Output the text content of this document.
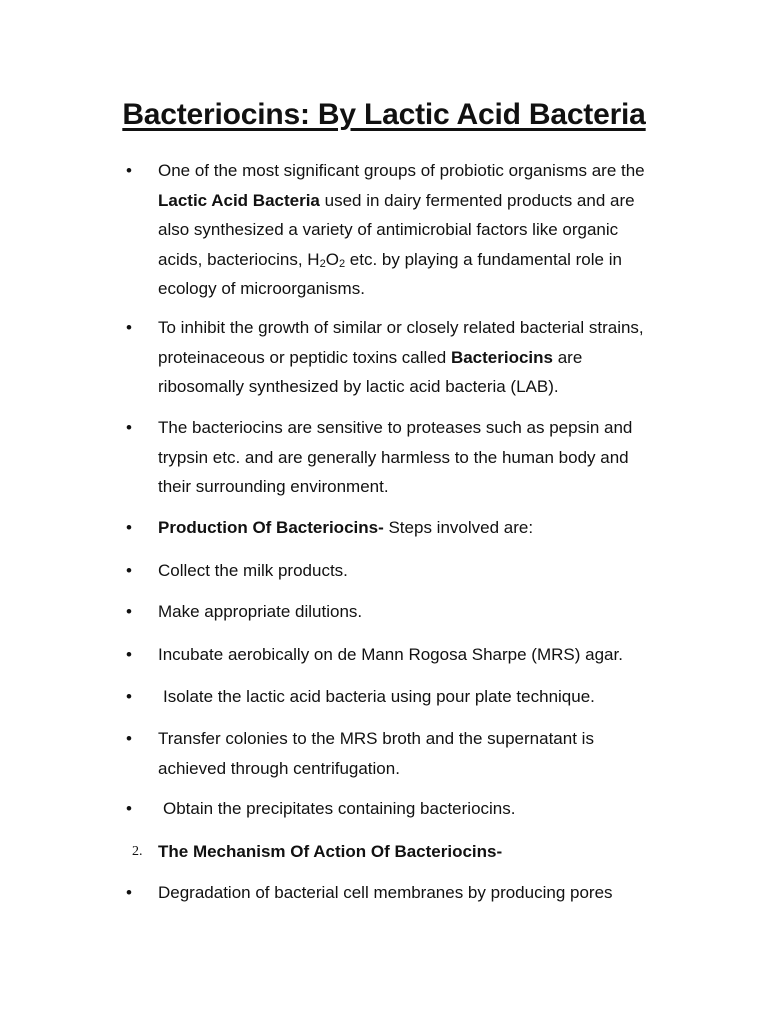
Bacteriocins: By Lactic Acid Bacteria
•	One of the most significant groups of probiotic organisms are the Lactic Acid Bacteria used in dairy fermented products and are also synthesized a variety of antimicrobial factors like organic acids, bacteriocins, $H_2O_2$ etc. by playing a fundamental role in ecology of microorganisms.
•	To inhibit the growth of similar or closely related bacterial strains, proteinaceous or peptidic toxins called Bacteriocins are ribosomally synthesized by lactic acid bacteria (LAB).
•	The bacteriocins are sensitive to proteases such as pepsin and trypsin etc. and are generally harmless to the human body and their surrounding environment.
•	Production Of Bacteriocins- Steps involved are:
•	Collect the milk products.
•	Make appropriate dilutions.
•	Incubate aerobically on de Mann Rogosa Sharpe (MRS) agar.
•	Isolate the lactic acid bacteria using pour plate technique.
•	Transfer colonies to the MRS broth and the supernatant is achieved through centrifugation.
•	Obtain the precipitates containing bacteriocins.
2. The Mechanism Of Action Of Bacteriocins-
•	Degradation of bacterial cell membranes by producing pores
